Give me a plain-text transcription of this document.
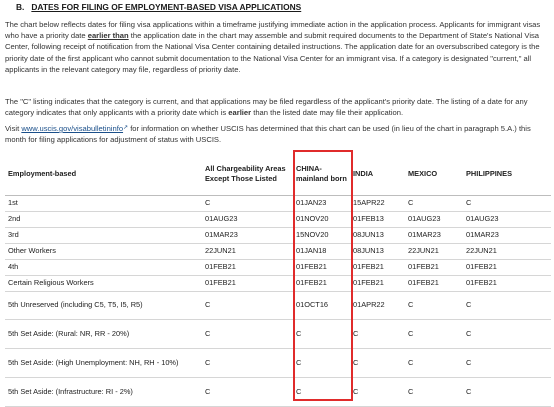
B. DATES FOR FILING OF EMPLOYMENT-BASED VISA APPLICATIONS

The chart below reflects dates for filing visa applications within a timeframe justifying immediate action in the application process. Applicants for immigrant visas who have a priority date earlier than the application date in the chart may assemble and submit required documents to the Department of State's National Visa Center, following receipt of notification from the National Visa Center containing detailed instructions. The application date for an oversubscribed category is the priority date of the first applicant who cannot submit documentation to the National Visa Center for an immigrant visa. If a category is designated "current," all applicants in the relevant category may file, regardless of priority date.

The "C" listing indicates that the category is current, and that applications may be filed regardless of the applicant's priority date. The listing of a date for any category indicates that only applicants with a priority date which is earlier than the listed date may file their application.

Visit www.uscis.gov/visabulletininfo↗ for information on whether USCIS has determined that this chart can be used (in lieu of the chart in paragraph 5.A.) this month for filing applications for adjustment of status with USCIS.

Employment-based	All Chargeability Areas Except Those Listed	CHINA-mainland born	INDIA	MEXICO	PHILIPPINES
1st	C	01JAN23	15APR22	C	C
2nd	01AUG23	01NOV20	01FEB13	01AUG23	01AUG23
3rd	01MAR23	15NOV20	08JUN13	01MAR23	01MAR23
Other Workers	22JUN21	01JAN18	08JUN13	22JUN21	22JUN21
4th	01FEB21	01FEB21	01FEB21	01FEB21	01FEB21
Certain Religious Workers	01FEB21	01FEB21	01FEB21	01FEB21	01FEB21

5th Unreserved (including C5, T5, I5, R5)	C	01OCT16	01APR22	C	C

5th Set Aside: (Rural: NR, RR - 20%)	C	C	C	C	C

5th Set Aside: (High Unemployment: NH, RH - 10%)	C	C	C	C	C

5th Set Aside: (Infrastructure: RI - 2%)	C	C	C	C	C
